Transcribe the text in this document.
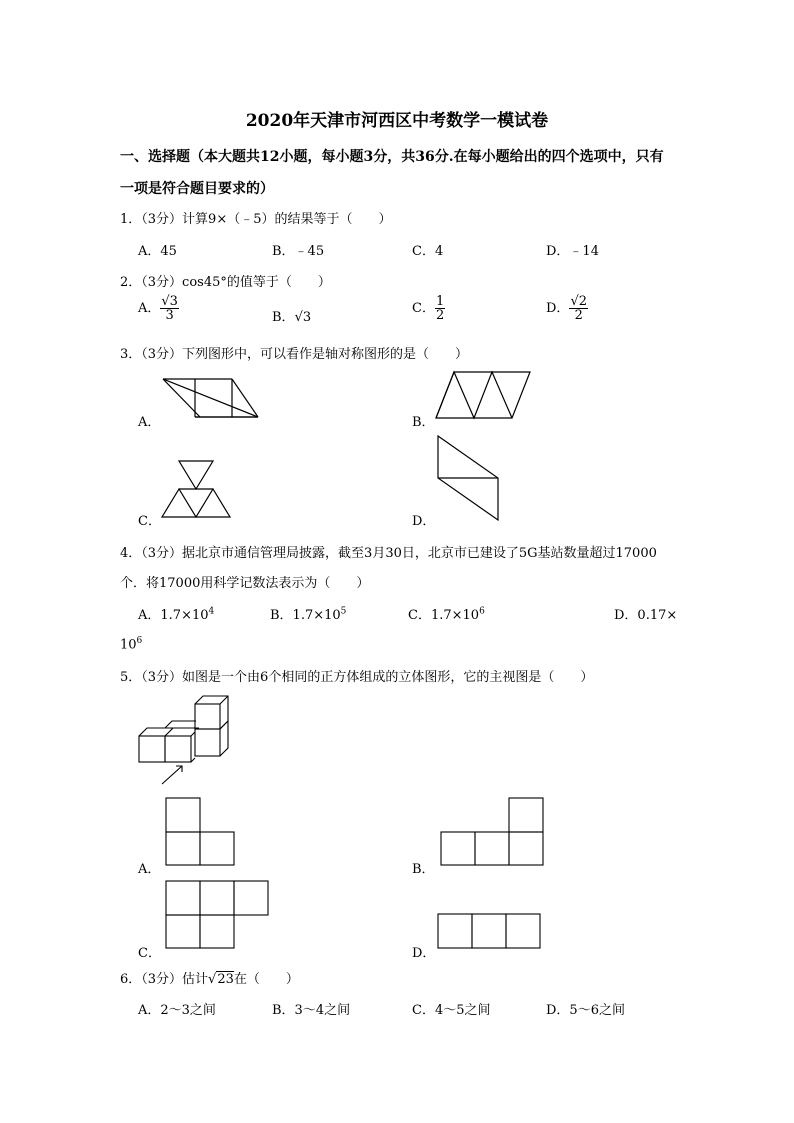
2020年天津市河西区中考数学一模试卷
一、选择题（本大题共12小题，每小题3分，共36分.在每小题给出的四个选项中，只有
一项是符合题目要求的）
1．（3分）计算9×（﹣5）的结果等于（　　）
A．45	B．﹣45	C．4	D．﹣14
2．（3分）cos45°的值等于（　　）
A． $\frac{√3}{3}$	B．√3
C． $\frac{1}{2}$	D． $\frac{√2}{2}$
3．（3分）下列图形中，可以看作是轴对称图形的是（　　）
A．	B．
C．	D．
4．（3分）据北京市通信管理局披露，截至3月30日，北京市已建设了5G基站数量超过17000
个．将17000用科学记数法表示为（　　）
A．$1.7\times 10^4$	B．$1.7\times 10^5$	C．$1.7\times 10^6$	D．0.17×
$10^6$
5．（3分）如图是一个由6个相同的正方体组成的立体图形，它的主视图是（　　）
A．	B．
C．	D．
6．（3分）估计√23在（　　）
A．2～3之间	B．3～4之间	C．4～5之间	D．5～6之间
